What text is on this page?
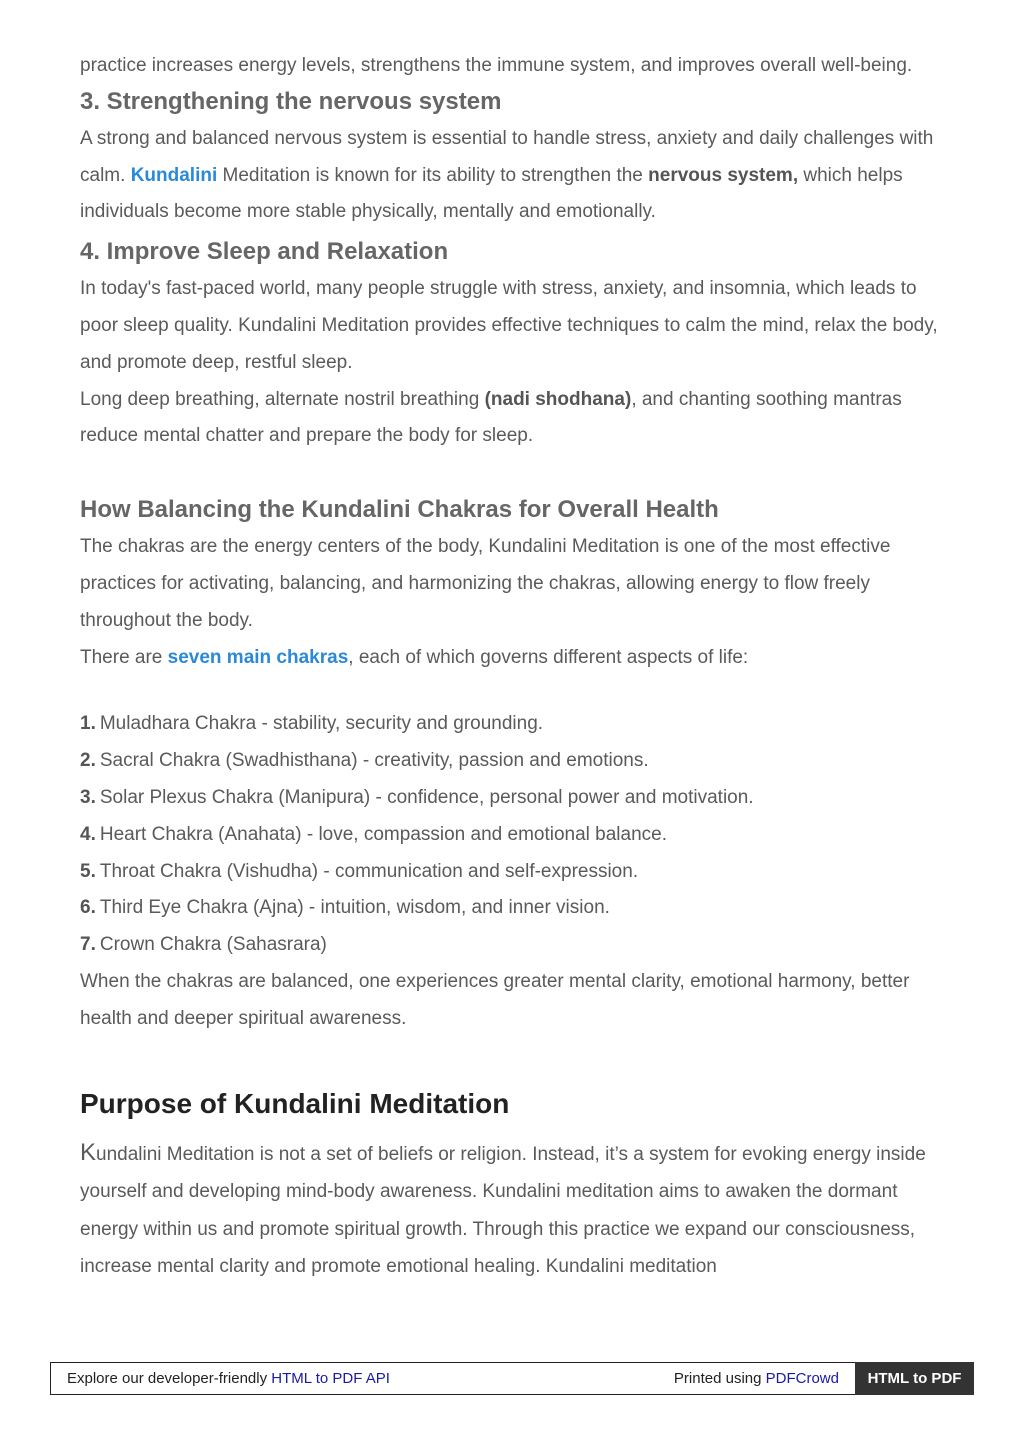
practice increases energy levels, strengthens the immune system, and improves overall well-being.

3. Strengthening the nervous system

A strong and balanced nervous system is essential to handle stress, anxiety and daily challenges with calm. Kundalini Meditation is known for its ability to strengthen the nervous system, which helps individuals become more stable physically, mentally and emotionally.

4. Improve Sleep and Relaxation

In today's fast-paced world, many people struggle with stress, anxiety, and insomnia, which leads to poor sleep quality. Kundalini Meditation provides effective techniques to calm the mind, relax the body, and promote deep, restful sleep.

Long deep breathing, alternate nostril breathing (nadi shodhana), and chanting soothing mantras reduce mental chatter and prepare the body for sleep.

How Balancing the Kundalini Chakras for Overall Health

The chakras are the energy centers of the body, Kundalini Meditation is one of the most effective practices for activating, balancing, and harmonizing the chakras, allowing energy to flow freely throughout the body.

There are seven main chakras, each of which governs different aspects of life:

1. Muladhara Chakra - stability, security and grounding.
2. Sacral Chakra (Swadhisthana) - creativity, passion and emotions.
3. Solar Plexus Chakra (Manipura) - confidence, personal power and motivation.
4. Heart Chakra (Anahata) - love, compassion and emotional balance.
5. Throat Chakra (Vishudha) - communication and self-expression.
6. Third Eye Chakra (Ajna) - intuition, wisdom, and inner vision.
7. Crown Chakra (Sahasrara)

When the chakras are balanced, one experiences greater mental clarity, emotional harmony, better health and deeper spiritual awareness.

Purpose of Kundalini Meditation

Kundalini Meditation is not a set of beliefs or religion. Instead, it’s a system for evoking energy inside yourself and developing mind-body awareness. Kundalini meditation aims to awaken the dormant energy within us and promote spiritual growth. Through this practice we expand our consciousness, increase mental clarity and promote emotional healing. Kundalini meditation

Explore our developer-friendly HTML to PDF API	Printed using PDFCrowd	HTML to PDF
